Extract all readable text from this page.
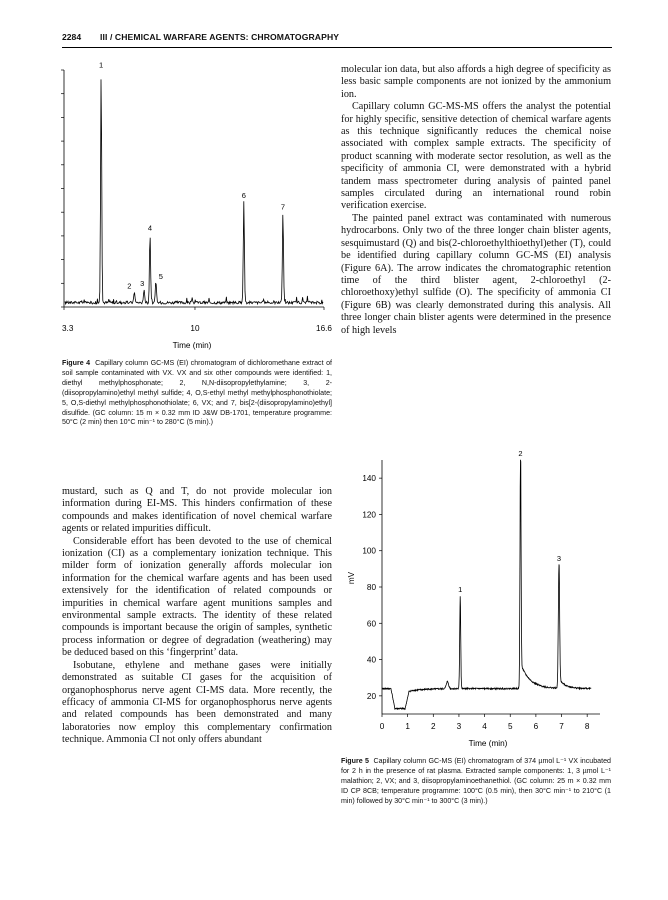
2284 III / CHEMICAL WARFARE AGENTS: CHROMATOGRAPHY
1
2 3
4
5
6
7
3.3	10	16.6
Time (min)
Figure 4 Capillary column GC-MS (EI) chromatogram of dichloromethane extract of soil sample contaminated with VX. VX and six other compounds were identified: 1, diethyl methylphosphonate; 2, N,N-diisopropylethylamine; 3, 2-(diisopropylamino)ethyl methyl sulfide; 4, O,S-ethyl methyl methylphosphonothiolate; 5, O,S-diethyl methylphosphonothiolate; 6, VX; and 7, bis[2-(diisopropylamino)ethyl] disulfide. (GC column: 15 m × 0.32 mm ID J&W DB-1701, temperature programme: 50°C (2 min) then 10°C min⁻¹ to 280°C (5 min).)

mustard, such as Q and T, do not provide molecular ion information during EI-MS. This hinders confirmation of these compounds and makes identification of novel chemical warfare agents or related impurities difficult.

Considerable effort has been devoted to the use of chemical ionization (CI) as a complementary ionization technique. This milder form of ionization generally affords molecular ion information for the chemical warfare agents and has been used extensively for the identification of related compounds or impurities in chemical warfare agent munitions samples and environmental sample extracts. The identity of these related compounds is important because the origin of samples, synthetic process information or degree of degradation (weathering) may be deduced based on this ‘fingerprint’ data.

Isobutane, ethylene and methane gases were initially demonstrated as suitable CI gases for the acquisition of organophosphorus nerve agent CI-MS data. More recently, the efficacy of ammonia CI-MS for organophosphorus nerve agents and related compounds has been demonstrated and many laboratories now employ this complementary confirmation technique. Ammonia CI not only offers abundant

molecular ion data, but also affords a high degree of specificity as less basic sample components are not ionized by the ammonium ion.

Capillary column GC-MS-MS offers the analyst the potential for highly specific, sensitive detection of chemical warfare agents as this technique significantly reduces the chemical noise associated with complex sample extracts. The specificity of product scanning with moderate sector resolution, as well as the specificity of ammonia CI, were demonstrated with a hybrid tandem mass spectrometer during analysis of painted panel samples circulated during an international round robin verification exercise.

The painted panel extract was contaminated with numerous hydrocarbons. Only two of the three longer chain blister agents, sesquimustard (Q) and bis(2-chloroethylthioethyl)ether (T), could be identified during capillary column GC-MS (EI) analysis (Figure 6A). The arrow indicates the chromatographic retention time of the third blister agent, 2-chloroethyl (2-chloroethoxy)ethyl sulfide (O). The specificity of ammonia CI (Figure 6B) was clearly demonstrated during this analysis. All three longer chain blister agents were determined in the presence of high levels

1
2
3
20
40
60
80
100
120
140
0	1	2	3	4	5	6	7	8
Time (min)
mV
Figure 5 Capillary column GC-MS (EI) chromatogram of 374 µmol L⁻¹ VX incubated for 2 h in the presence of rat plasma. Extracted sample components: 1, 3 µmol L⁻¹ malathion; 2, VX; and 3, diisopropylaminoethanethiol. (GC column: 25 m × 0.32 mm ID CP 8CB; temperature programme: 100°C (0.5 min), then 30°C min⁻¹ to 210°C (1 min) followed by 30°C min⁻¹ to 300°C (3 min).)
